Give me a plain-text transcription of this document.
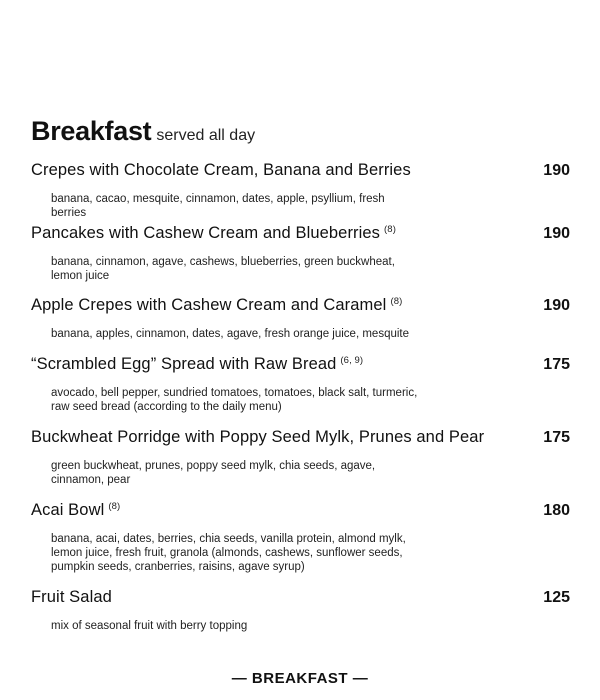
Breakfast served all day
Crepes with Chocolate Cream, Banana and Berries	190
banana, cacao, mesquite, cinnamon, dates, apple, psyllium, fresh berries
Pancakes with Cashew Cream and Blueberries $^{(8)}$	190
banana, cinnamon, agave, cashews, blueberries, green buckwheat, lemon juice
Apple Crepes with Cashew Cream and Caramel $^{(8)}$	190
banana, apples, cinnamon, dates, agave, fresh orange juice, mesquite
“Scrambled Egg” Spread with Raw Bread $^{(6, 9)}$	175
avocado, bell pepper, sundried tomatoes, tomatoes, black salt, turmeric, raw seed bread (according to the daily menu)
Buckwheat Porridge with Poppy Seed Mylk, Prunes and Pear	175
green buckwheat, prunes, poppy seed mylk, chia seeds, agave, cinnamon, pear
Acai Bowl $^{(8)}$	180
banana, acai, dates, berries, chia seeds, vanilla protein, almond mylk, lemon juice, fresh fruit, granola (almonds, cashews, sunflower seeds, pumpkin seeds, cranberries, raisins, agave syrup)
Fruit Salad	125
mix of seasonal fruit with berry topping
— BREAKFAST —
